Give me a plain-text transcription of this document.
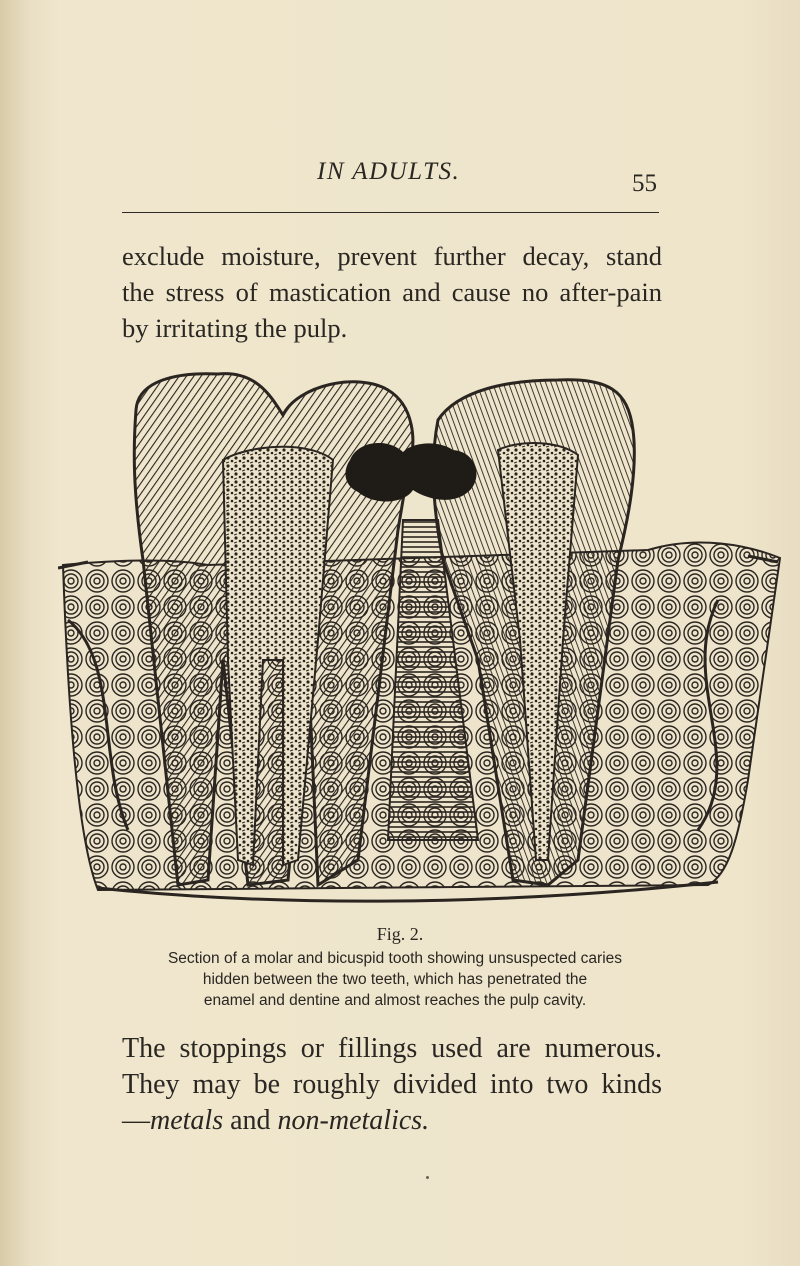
IN ADULTS.	55
exclude moisture, prevent further decay, stand
the stress of mastication and cause no after-pain
by irritating the pulp.
Fig. 2.
Section of a molar and bicuspid tooth showing unsuspected caries
hidden between the two teeth, which has penetrated the
enamel and dentine and almost reaches the pulp cavity.
The stoppings or fillings used are numerous.
They may be roughly divided into two kinds
—metals and non-metalics.
